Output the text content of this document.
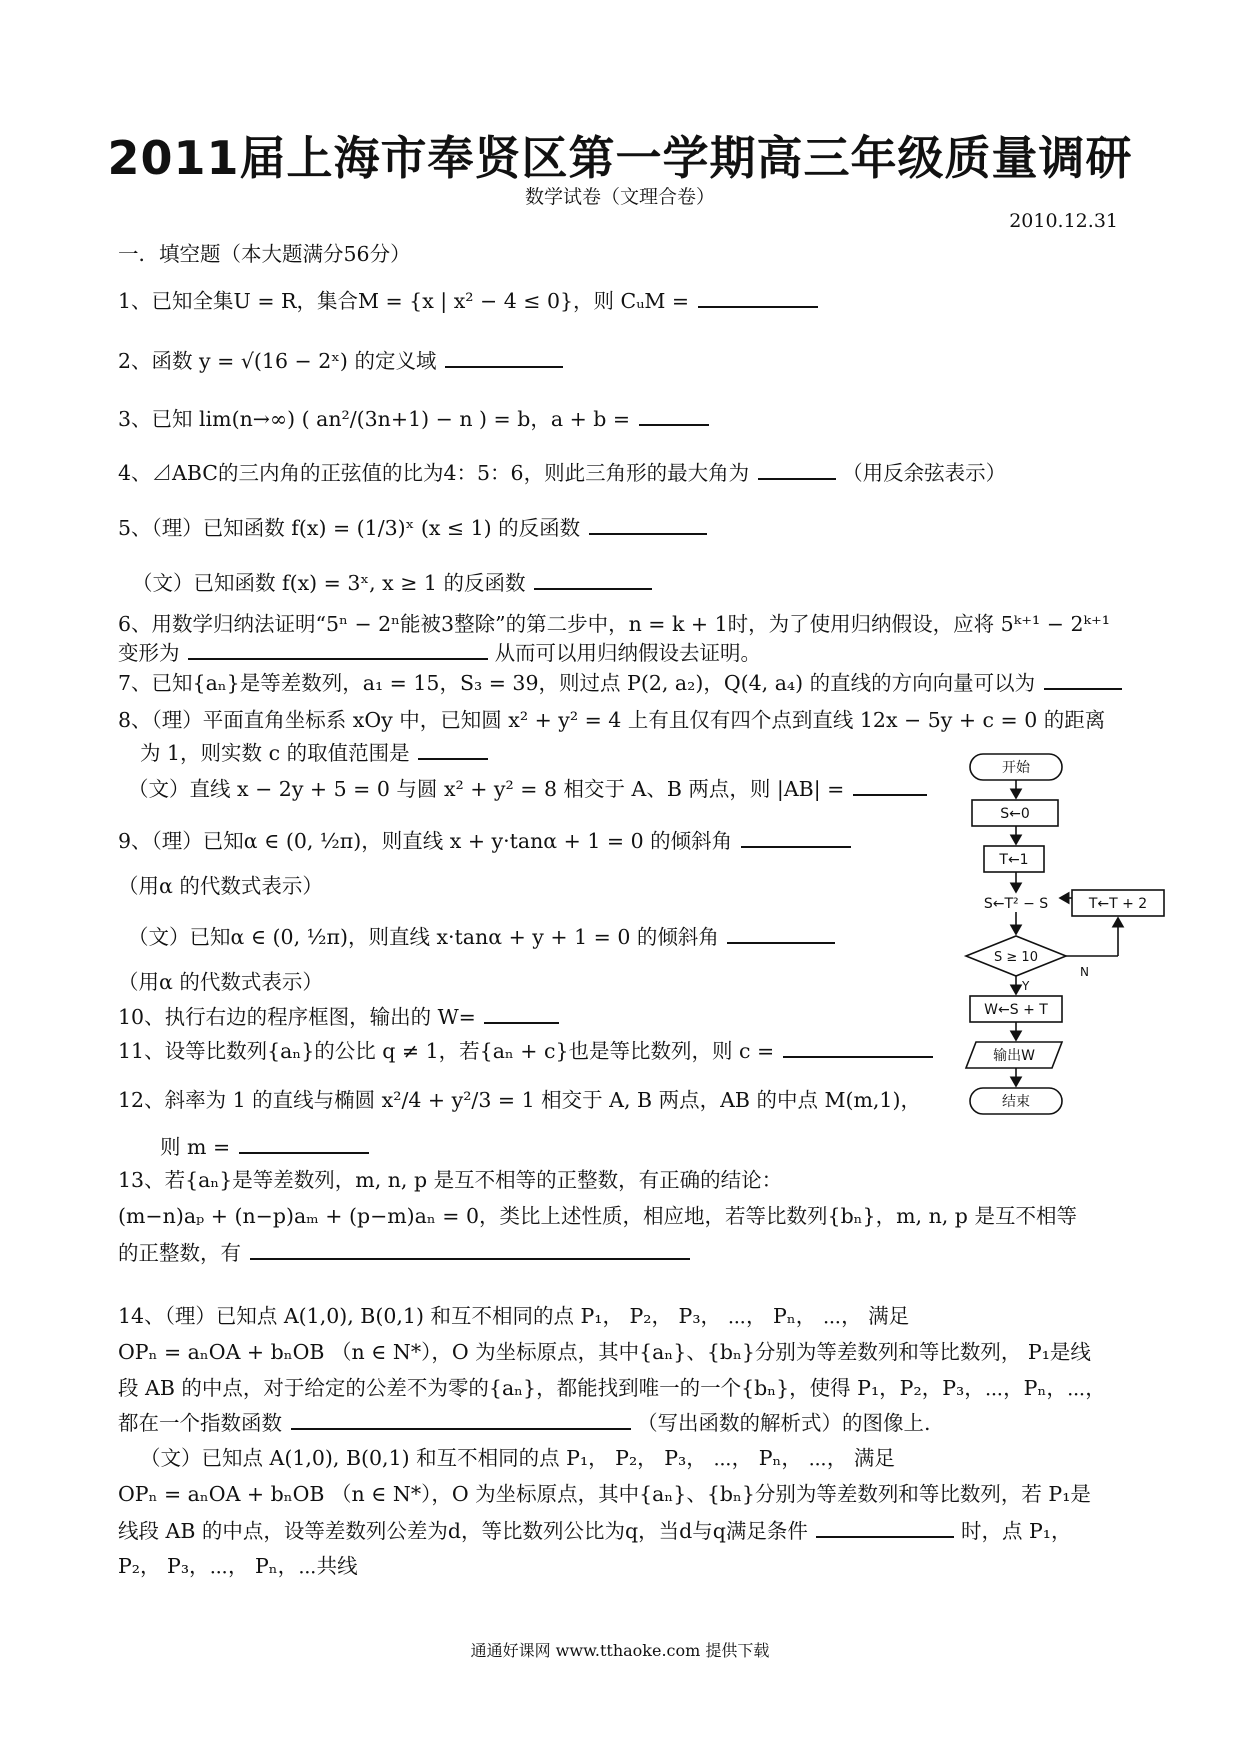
2011届上海市奉贤区第一学期高三年级质量调研
数学试卷（文理合卷）
2010.12.31
一．填空题（本大题满分56分）
1、已知全集U = R，集合M = {x | x² − 4 ≤ 0}，则 CᵤM =
2、函数 y = √(16 − 2ˣ) 的定义域
3、已知 lim(n→∞) ( an²/(3n+1) − n ) = b，a + b =
4、⊿ABC的三内角的正弦值的比为4：5：6，则此三角形的最大角为	（用反余弦表示）
5、（理）已知函数 f(x) = (1/3)ˣ (x ≤ 1) 的反函数
（文）已知函数 f(x) = 3ˣ, x ≥ 1 的反函数
6、用数学归纳法证明“5ⁿ − 2ⁿ能被3整除”的第二步中，n = k + 1时，为了使用归纳假设，应将 5ᵏ⁺¹ − 2ᵏ⁺¹
变形为	从而可以用归纳假设去证明。
7、已知{aₙ}是等差数列，a₁ = 15，S₃ = 39，则过点 P(2, a₂)，Q(4, a₄) 的直线的方向向量可以为
8、（理）平面直角坐标系 xOy 中，已知圆 x² + y² = 4 上有且仅有四个点到直线 12x − 5y + c = 0 的距离
为 1，则实数 c 的取值范围是
（文）直线 x − 2y + 5 = 0 与圆 x² + y² = 8 相交于 A、B 两点，则 |AB| =
9、（理）已知α ∈ (0, ½π)，则直线 x + y·tanα + 1 = 0 的倾斜角
（用α 的代数式表示）
（文）已知α ∈ (0, ½π)，则直线 x·tanα + y + 1 = 0 的倾斜角
（用α 的代数式表示）
10、执行右边的程序框图，输出的 W=
11、设等比数列{aₙ}的公比 q ≠ 1，若{aₙ + c}也是等比数列，则 c =
12、斜率为 1 的直线与椭圆 x²/4 + y²/3 = 1 相交于 A, B 两点，AB 的中点 M(m,1)，
则 m =
13、若{aₙ}是等差数列，m, n, p 是互不相等的正整数，有正确的结论：
(m−n)aₚ + (n−p)aₘ + (p−m)aₙ = 0，类比上述性质，相应地，若等比数列{bₙ}，m, n, p 是互不相等
的正整数，有
14、（理）已知点 A(1,0), B(0,1) 和互不相同的点 P₁， P₂， P₃， ⋯， Pₙ， ⋯， 满足
OPₙ = aₙOA + bₙOB （n ∈ N*），O 为坐标原点，其中{aₙ}、{bₙ}分别为等差数列和等比数列， P₁是线
段 AB 的中点，对于给定的公差不为零的{aₙ}，都能找到唯一的一个{bₙ}，使得 P₁，P₂，P₃，⋯，Pₙ，⋯，
都在一个指数函数	（写出函数的解析式）的图像上.
（文）已知点 A(1,0), B(0,1) 和互不相同的点 P₁， P₂， P₃， ⋯， Pₙ， ⋯， 满足
OPₙ = aₙOA + bₙOB （n ∈ N*），O 为坐标原点，其中{aₙ}、{bₙ}分别为等差数列和等比数列，若 P₁是
线段 AB 的中点，设等差数列公差为d，等比数列公比为q，当d与q满足条件	时，点 P₁，
P₂， P₃，⋯， Pₙ，⋯共线
开始
S←0
T←1
S←T² − S	T←T + 2
S ≥ 10
N
Y
W←S + T
输出W
结束
通通好课网 www.tthaoke.com 提供下载
